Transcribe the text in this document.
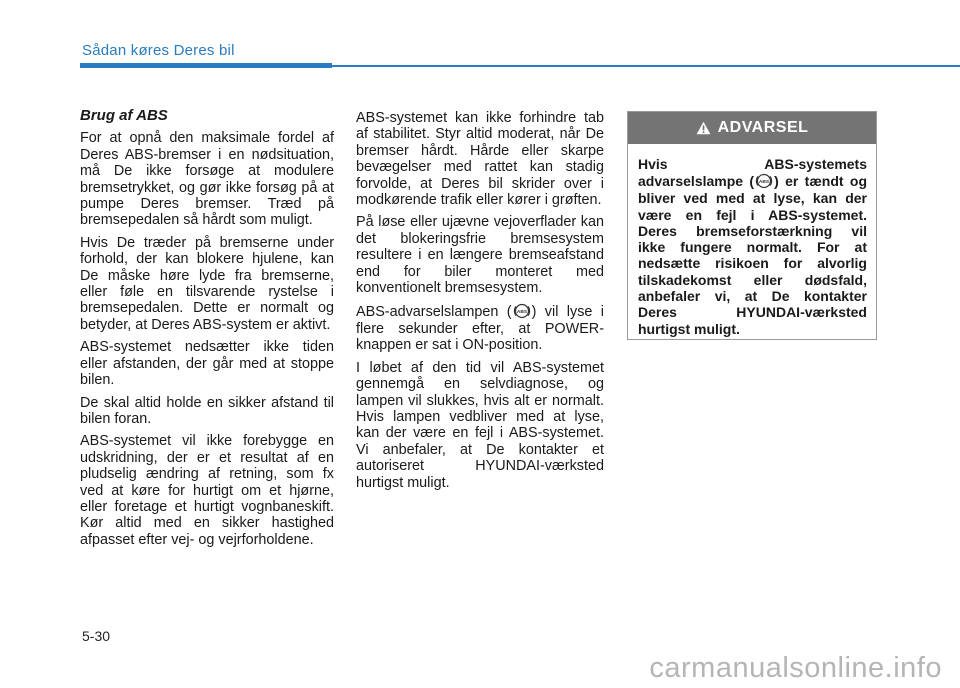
Sådan køres Deres bil
Brug af ABS

For at opnå den maksimale fordel af Deres ABS-bremser i en nødsituation, må De ikke forsøge at modulere bremsetrykket, og gør ikke forsøg på at pumpe Deres bremser. Træd på bremsepedalen så hårdt som muligt.

Hvis De træder på bremserne under forhold, der kan blokere hjulene, kan De måske høre lyde fra bremserne, eller føle en tilsvarende rystelse i bremsepedalen. Dette er normalt og betyder, at Deres ABS-system er aktivt.

ABS-systemet nedsætter ikke tiden eller afstanden, der går med at stoppe bilen.

De skal altid holde en sikker afstand til bilen foran.

ABS-systemet vil ikke forebygge en udskridning, der er et resultat af en pludselig ændring af retning, som fx ved at køre for hurtigt om et hjørne, eller foretage et hurtigt vognbaneskift. Kør altid med en sikker hastighed afpasset efter vej- og vejrforholdene.

ABS-systemet kan ikke forhindre tab af stabilitet. Styr altid moderat, når De bremser hårdt. Hårde eller skarpe bevægelser med rattet kan stadig forvolde, at Deres bil skrider over i modkørende trafik eller kører i grøften.

På løse eller ujævne vejoverflader kan det blokeringsfrie bremsesystem resultere i en længere bremseafstand end for biler monteret med konventionelt bremsesystem.

ABS-advarselslampen ( ABS ) vil lyse i flere sekunder efter, at POWER-knappen er sat i ON-position.

I løbet af den tid vil ABS-systemet gennemgå en selvdiagnose, og lampen vil slukkes, hvis alt er normalt. Hvis lampen vedbliver med at lyse, kan der være en fejl i ABS-systemet. Vi anbefaler, at De kontakter et autoriseret HYUNDAI-værksted hurtigst muligt.

ADVARSEL
Hvis ABS-systemets advarselslampe ( ABS ) er tændt og bliver ved med at lyse, kan der være en fejl i ABS-systemet. Deres bremseforstærkning vil ikke fungere normalt. For at nedsætte risikoen for alvorlig tilskadekomst eller dødsfald, anbefaler vi, at De kontakter Deres HYUNDAI-værksted hurtigst muligt.
5-30
carmanualsonline.info
